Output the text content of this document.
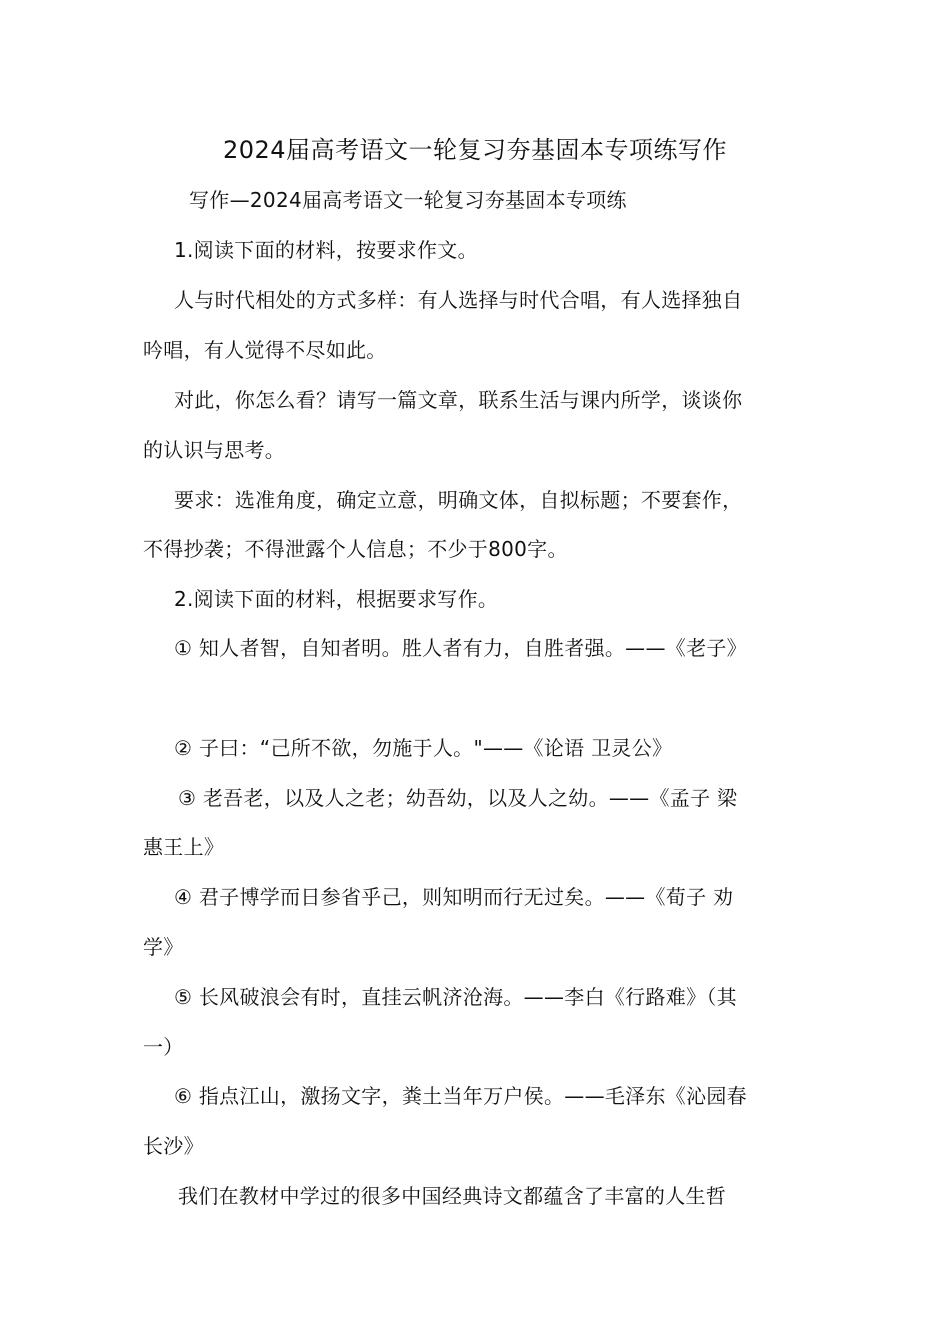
2024届高考语文一轮复习夯基固本专项练写作
写作—2024届高考语文一轮复习夯基固本专项练
1.阅读下面的材料，按要求作文。
人与时代相处的方式多样：有人选择与时代合唱，有人选择独自
吟唱，有人觉得不尽如此。
对此，你怎么看？请写一篇文章，联系生活与课内所学，谈谈你
的认识与思考。
要求：选准角度，确定立意，明确文体，自拟标题；不要套作，
不得抄袭；不得泄露个人信息；不少于800字。
2.阅读下面的材料，根据要求写作。
① 知人者智，自知者明。胜人者有力，自胜者强。——《老子》
② 子曰：“己所不欲，勿施于人。"——《论语 卫灵公》
③ 老吾老，以及人之老；幼吾幼，以及人之幼。——《孟子 梁
惠王上》
④ 君子博学而日参省乎己，则知明而行无过矣。——《荀子 劝
学》
⑤ 长风破浪会有时，直挂云帆济沧海。——李白《行路难》（其
一）
⑥ 指点江山，激扬文字，粪土当年万户侯。——毛泽东《沁园春
长沙》
我们在教材中学过的很多中国经典诗文都蕴含了丰富的人生哲
